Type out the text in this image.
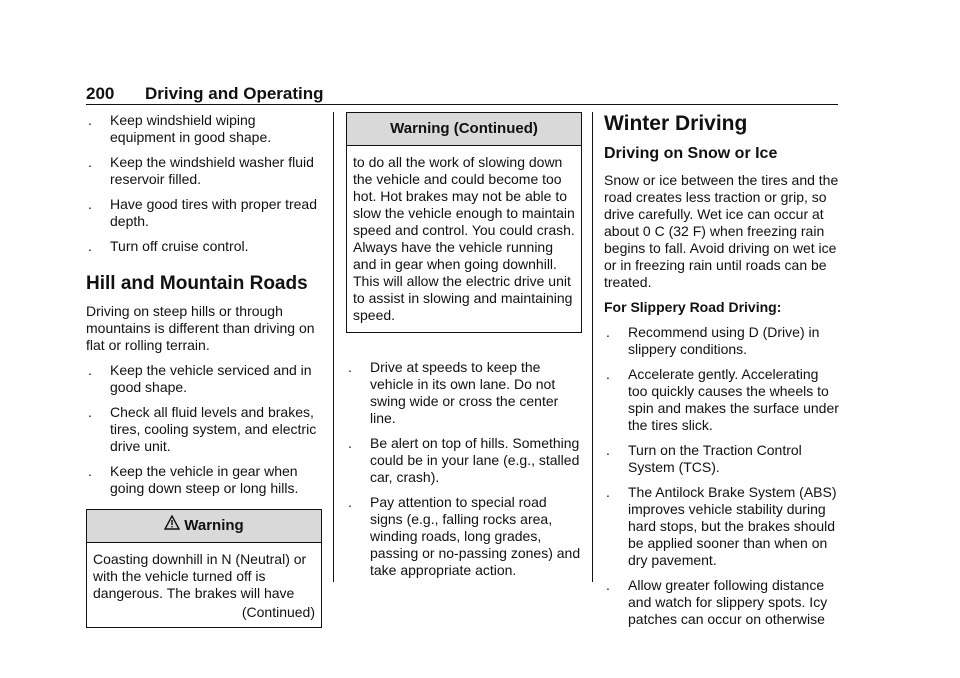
200 Driving and Operating
. Keep windshield wiping equipment in good shape.
. Keep the windshield washer fluid reservoir filled.
. Have good tires with proper tread depth.
. Turn off cruise control.
Hill and Mountain Roads

Driving on steep hills or through mountains is different than driving on flat or rolling terrain.

. Keep the vehicle serviced and in good shape.
. Check all fluid levels and brakes, tires, cooling system, and electric drive unit.
. Keep the vehicle in gear when going down steep or long hills.
Warning
Coasting downhill in N (Neutral) or with the vehicle turned off is dangerous. The brakes will have
(Continued)
Warning (Continued)
to do all the work of slowing down the vehicle and could become too hot. Hot brakes may not be able to slow the vehicle enough to maintain speed and control. You could crash. Always have the vehicle running and in gear when going downhill. This will allow the electric drive unit to assist in slowing and maintaining speed.
. Drive at speeds to keep the vehicle in its own lane. Do not swing wide or cross the center line.
. Be alert on top of hills. Something could be in your lane (e.g., stalled car, crash).
. Pay attention to special road signs (e.g., falling rocks area, winding roads, long grades, passing or no-passing zones) and take appropriate action.
Winter Driving
Driving on Snow or Ice

Snow or ice between the tires and the road creates less traction or grip, so drive carefully. Wet ice can occur at about 0 C (32 F) when freezing rain begins to fall. Avoid driving on wet ice or in freezing rain until roads can be treated.

For Slippery Road Driving:
. Recommend using D (Drive) in slippery conditions.
. Accelerate gently. Accelerating too quickly causes the wheels to spin and makes the surface under the tires slick.
. Turn on the Traction Control System (TCS).
. The Antilock Brake System (ABS) improves vehicle stability during hard stops, but the brakes should be applied sooner than when on dry pavement.
. Allow greater following distance and watch for slippery spots. Icy patches can occur on otherwise
